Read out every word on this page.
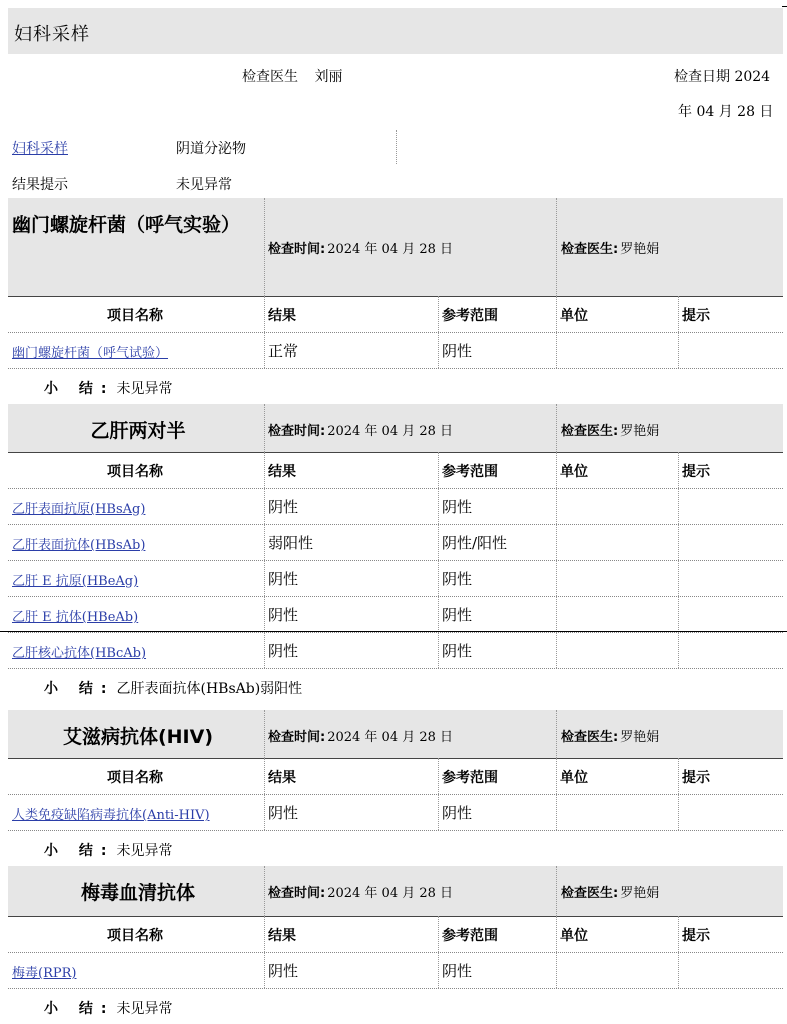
妇科采样
检查医生 刘丽	检查日期 2024
年 04 月 28 日
妇科采样	阴道分泌物
结果提示	未见异常
幽门螺旋杆菌（呼气实验）
检查时间: 2024 年 04 月 28 日	检查医生: 罗艳娟
项目名称	结果	参考范围	单位	提示
幽门螺旋杆菌（呼气试验）	正常	阴性
小 结: 未见异常
乙肝两对半	检查时间: 2024 年 04 月 28 日	检查医生: 罗艳娟
项目名称	结果	参考范围	单位	提示
乙肝表面抗原(HBsAg)	阴性	阴性
乙肝表面抗体(HBsAb)	弱阳性	阴性/阳性
乙肝 E 抗原(HBeAg)	阴性	阴性
乙肝 E 抗体(HBeAb)	阴性	阴性
乙肝核心抗体(HBcAb)	阴性	阴性
小 结: 乙肝表面抗体(HBsAb)弱阳性
艾滋病抗体(HIV)	检查时间: 2024 年 04 月 28 日	检查医生: 罗艳娟
项目名称	结果	参考范围	单位	提示
人类免疫缺陷病毒抗体(Anti-HIV)	阴性	阴性
小 结: 未见异常
梅毒血清抗体	检查时间: 2024 年 04 月 28 日	检查医生: 罗艳娟
项目名称	结果	参考范围	单位	提示
梅毒(RPR)	阴性	阴性
小 结: 未见异常
